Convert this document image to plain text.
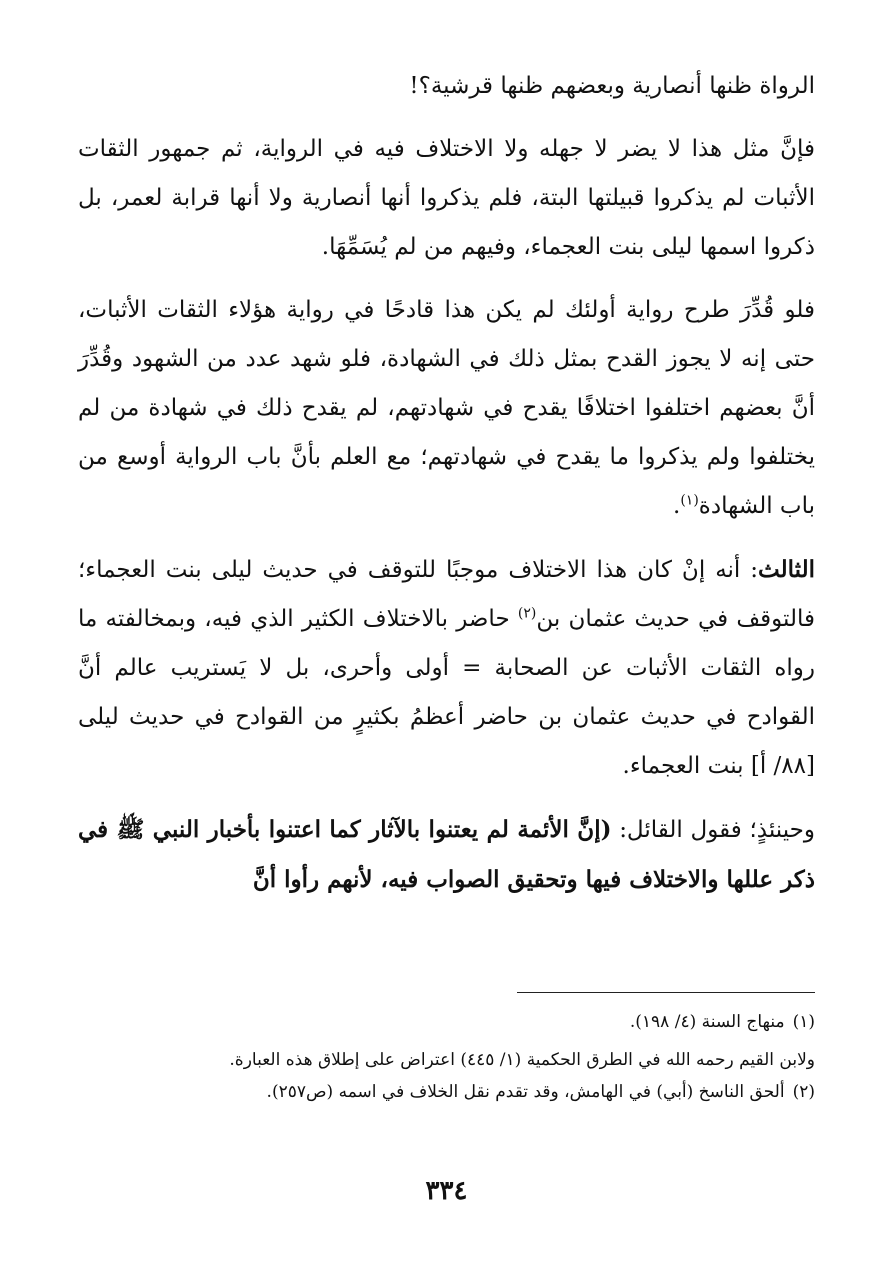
الرواة ظنها أنصارية وبعضهم ظنها قرشية؟!

فإنَّ مثل هذا لا يضر لا جهله ولا الاختلاف فيه في الرواية، ثم جمهور الثقات الأثبات لم يذكروا قبيلتها البتة، فلم يذكروا أنها أنصارية ولا أنها قرابة لعمر، بل ذكروا اسمها ليلى بنت العجماء، وفيهم من لم يُسَمِّهَا.

فلو قُدِّرَ طرح رواية أولئك لم يكن هذا قادحًا في رواية هؤلاء الثقات الأثبات، حتى إنه لا يجوز القدح بمثل ذلك في الشهادة، فلو شهد عدد من الشهود وقُدِّرَ أنَّ بعضهم اختلفوا اختلافًا يقدح في شهادتهم، لم يقدح ذلك في شهادة من لم يختلفوا ولم يذكروا ما يقدح في شهادتهم؛ مع العلم بأنَّ باب الرواية أوسع من باب الشهادة$^{(١)}$.

الثالث: أنه إنْ كان هذا الاختلاف موجبًا للتوقف في حديث ليلى بنت العجماء؛ فالتوقف في حديث عثمان بن$^{(٢)}$ حاضر بالاختلاف الكثير الذي فيه، وبمخالفته ما رواه الثقات الأثبات عن الصحابة = أولى وأحرى، بل لا يَستريب عالم أنَّ القوادح في حديث عثمان بن حاضر أعظمُ بكثيرٍ من القوادح في حديث ليلى [٨٨/ أ] بنت العجماء.

وحينئذٍ؛ فقول القائل: (إنَّ الأئمة لم يعتنوا بالآثار كما اعتنوا بأخبار النبي ﷺ في ذكر عللها والاختلاف فيها وتحقيق الصواب فيه، لأنهم رأوا أنَّ

(١)منهاج السنة (٤/ ١٩٨).

ولابن القيم رحمه الله في الطرق الحكمية (١/ ٤٤٥) اعتراض على إطلاق هذه العبارة.

(٢)ألحق الناسخ (أبي) في الهامش، وقد تقدم نقل الخلاف في اسمه (ص٢٥٧).

٣٣٤
